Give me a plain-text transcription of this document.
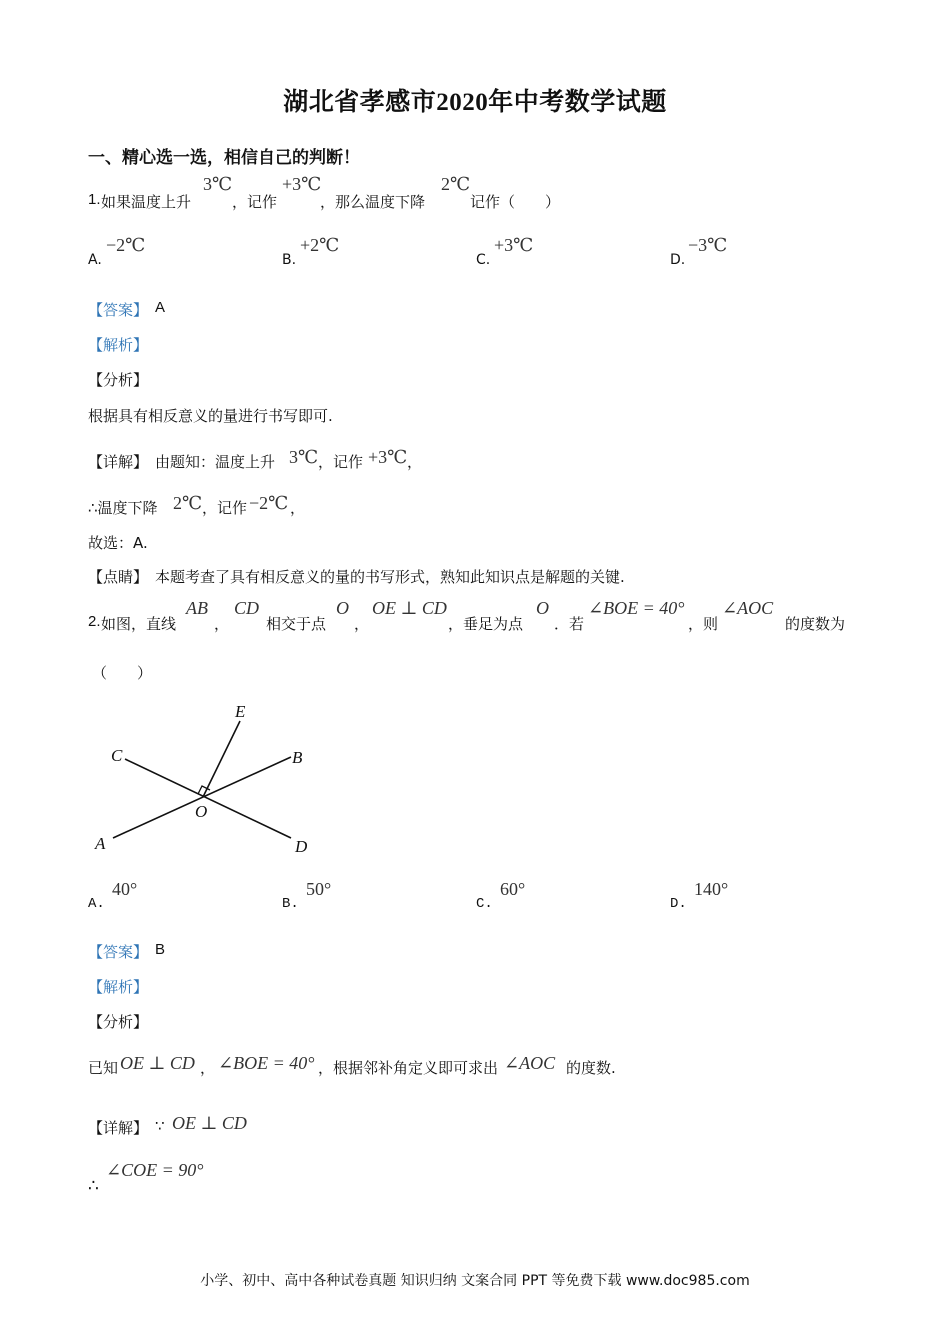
湖北省孝感市2020年中考数学试题
一、精心选一选，相信自己的判断！
1. 如果温度上升
3℃
，记作
+3℃
，那么温度下降
2℃
记作（　　）
A.
−2℃
B.
+2℃
C.
+3℃
D.
−3℃
【答案】 A
【解析】
【分析】
根据具有相反意义的量进行书写即可.
【详解】 由题知：温度上升 3℃ ，记作 +3℃ ，
∴温度下降 2℃ ，记作 −2℃ ，
故选：A.
【点睛】 本题考查了具有相反意义的量的书写形式，熟知此知识点是解题的关键.
2. 如图，直线
AB
，
CD
相交于点
O
，
OE ⊥ CD
，垂足为点
O
．若
∠BOE = 40°
，则
∠AOC
的度数为
（　　）
E
C	B
O
A	D
A.
40°
B.
50°
C.
60°
D.
140°
【答案】 B
【解析】
【分析】
已知 OE ⊥ CD ， ∠BOE = 40° ，根据邻补角定义即可求出 ∠AOC 的度数.
【详解】 ∵ OE ⊥ CD
∴
∠COE = 90°
小学、初中、高中各种试卷真题 知识归纳 文案合同 PPT 等免费下载 www.doc985.com
